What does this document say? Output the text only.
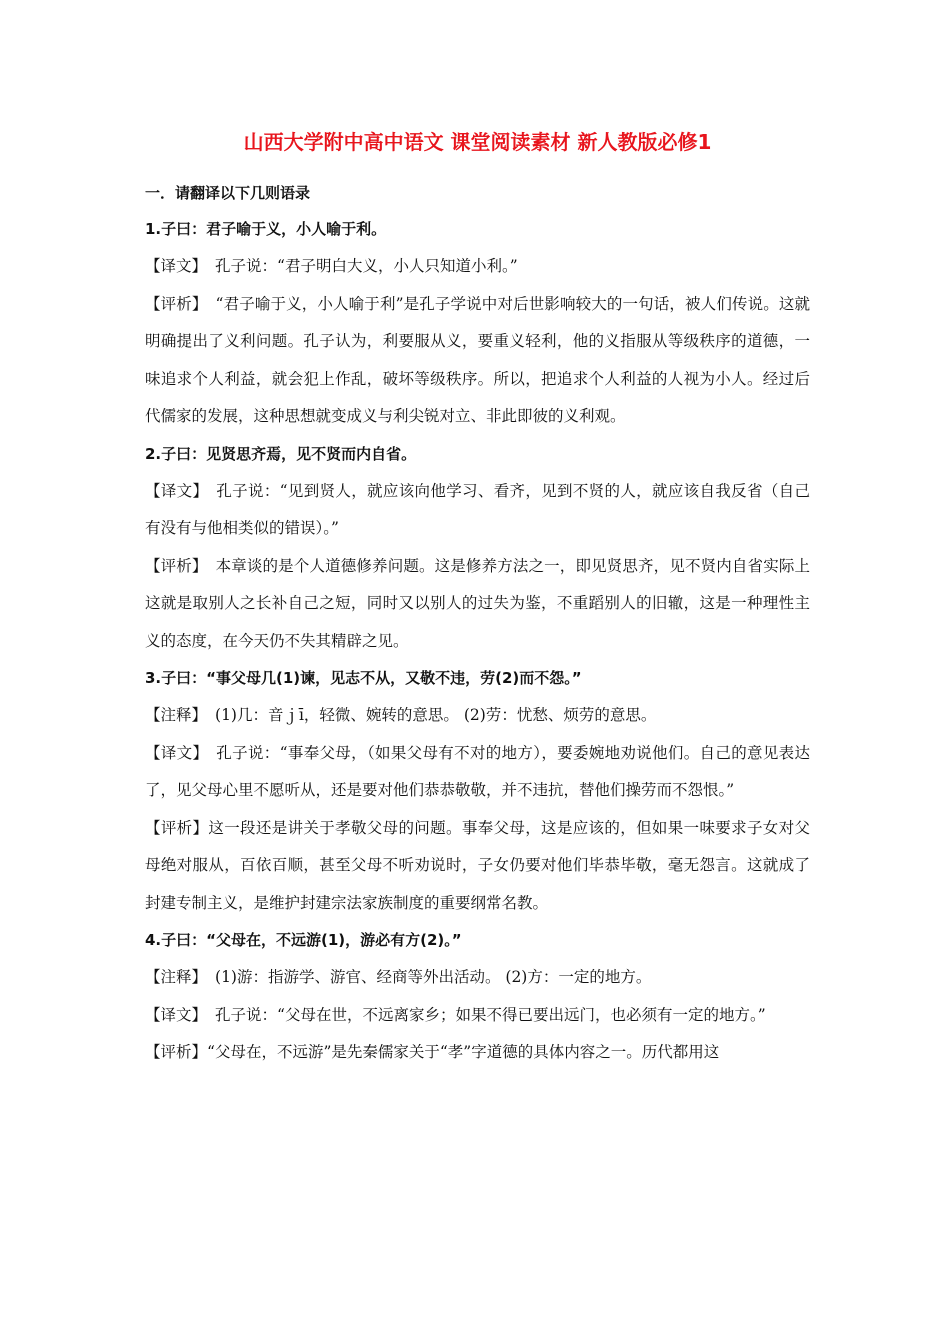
山西大学附中高中语文 课堂阅读素材 新人教版必修1
一．请翻译以下几则语录
1.子曰：君子喻于义，小人喻于利。

【译文】 孔子说：“君子明白大义，小人只知道小利。”

【评析】 “君子喻于义，小人喻于利”是孔子学说中对后世影响较大的一句话，被人们传说。这就明确提出了义利问题。孔子认为，利要服从义，要重义轻利，他的义指服从等级秩序的道德，一味追求个人利益，就会犯上作乱，破坏等级秩序。所以，把追求个人利益的人视为小人。经过后代儒家的发展，这种思想就变成义与利尖锐对立、非此即彼的义利观。

2.子曰：见贤思齐焉，见不贤而内自省。

【译文】 孔子说：“见到贤人，就应该向他学习、看齐，见到不贤的人，就应该自我反省（自己有没有与他相类似的错误）。”

【评析】 本章谈的是个人道德修养问题。这是修养方法之一，即见贤思齐，见不贤内自省实际上这就是取别人之长补自己之短，同时又以别人的过失为鉴，不重蹈别人的旧辙，这是一种理性主义的态度，在今天仍不失其精辟之见。

3.子曰：“事父母几(1)谏，见志不从，又敬不违，劳(2)而不怨。”

【注释】 (1)几：音ｊī，轻微、婉转的意思。 (2)劳：忧愁、烦劳的意思。

【译文】 孔子说：“事奉父母，（如果父母有不对的地方），要委婉地劝说他们。自己的意见表达了，见父母心里不愿听从，还是要对他们恭恭敬敬，并不违抗，替他们操劳而不怨恨。”

【评析】这一段还是讲关于孝敬父母的问题。事奉父母，这是应该的，但如果一味要求子女对父母绝对服从，百依百顺，甚至父母不听劝说时，子女仍要对他们毕恭毕敬，毫无怨言。这就成了封建专制主义，是维护封建宗法家族制度的重要纲常名教。

4.子曰：“父母在，不远游(1)，游必有方(2)。”

【注释】 (1)游：指游学、游官、经商等外出活动。 (2)方：一定的地方。

【译文】 孔子说：“父母在世，不远离家乡；如果不得已要出远门，也必须有一定的地方。”

【评析】“父母在，不远游”是先秦儒家关于“孝”字道德的具体内容之一。历代都用这
